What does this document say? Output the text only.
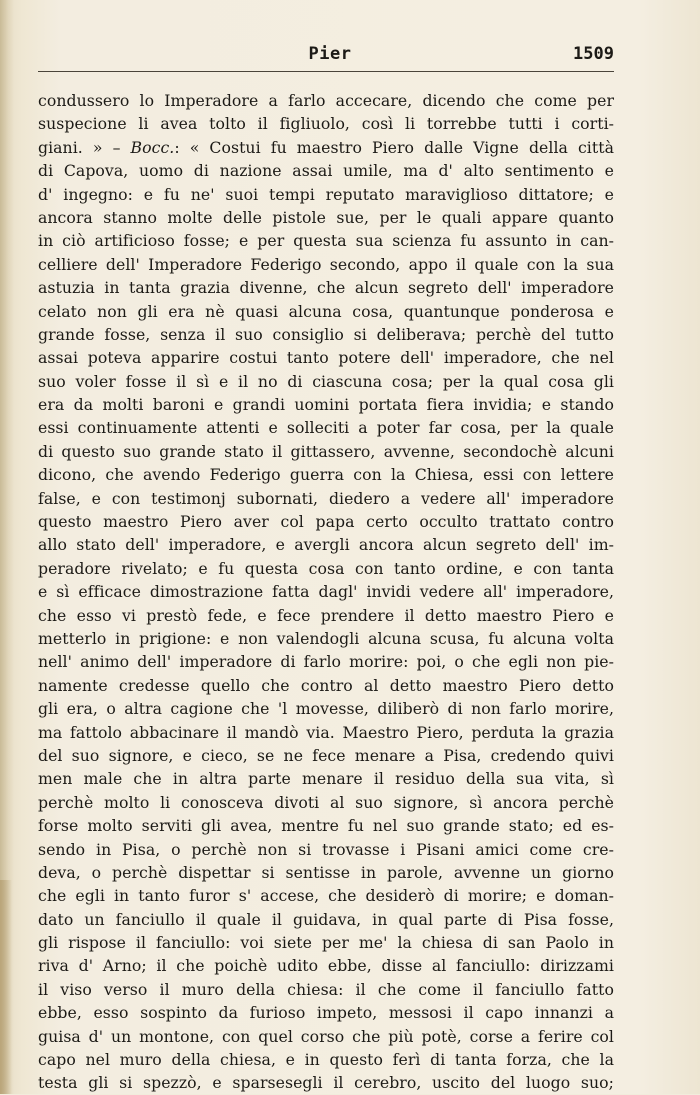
Pier	1509
condussero lo Imperadore a farlo accecare, dicendo che come per
suspecione li avea tolto il figliuolo, così li torrebbe tutti i corti-
giani. » – Bocc.: « Costui fu maestro Piero dalle Vigne della città
di Capova, uomo di nazione assai umile, ma d' alto sentimento e
d' ingegno: e fu ne' suoi tempi reputato maraviglioso dittatore; e
ancora stanno molte delle pistole sue, per le quali appare quanto
in ciò artificioso fosse; e per questa sua scienza fu assunto in can-
celliere dell' Imperadore Federigo secondo, appo il quale con la sua
astuzia in tanta grazia divenne, che alcun segreto dell' imperadore
celato non gli era nè quasi alcuna cosa, quantunque ponderosa e
grande fosse, senza il suo consiglio si deliberava; perchè del tutto
assai poteva apparire costui tanto potere dell' imperadore, che nel
suo voler fosse il sì e il no di ciascuna cosa; per la qual cosa gli
era da molti baroni e grandi uomini portata fiera invidia; e stando
essi continuamente attenti e solleciti a poter far cosa, per la quale
di questo suo grande stato il gittassero, avvenne, secondochè alcuni
dicono, che avendo Federigo guerra con la Chiesa, essi con lettere
false, e con testimonj subornati, diedero a vedere all' imperadore
questo maestro Piero aver col papa certo occulto trattato contro
allo stato dell' imperadore, e avergli ancora alcun segreto dell' im-
peradore rivelato; e fu questa cosa con tanto ordine, e con tanta
e sì efficace dimostrazione fatta dagl' invidi vedere all' imperadore,
che esso vi prestò fede, e fece prendere il detto maestro Piero e
metterlo in prigione: e non valendogli alcuna scusa, fu alcuna volta
nell' animo dell' imperadore di farlo morire: poi, o che egli non pie-
namente credesse quello che contro al detto maestro Piero detto
gli era, o altra cagione che 'l movesse, diliberò di non farlo morire,
ma fattolo abbacinare il mandò via. Maestro Piero, perduta la grazia
del suo signore, e cieco, se ne fece menare a Pisa, credendo quivi
men male che in altra parte menare il residuo della sua vita, sì
perchè molto li conosceva divoti al suo signore, sì ancora perchè
forse molto serviti gli avea, mentre fu nel suo grande stato; ed es-
sendo in Pisa, o perchè non si trovasse i Pisani amici come cre-
deva, o perchè dispettar si sentisse in parole, avvenne un giorno
che egli in tanto furor s' accese, che desiderò di morire; e doman-
dato un fanciullo il quale il guidava, in qual parte di Pisa fosse,
gli rispose il fanciullo: voi siete per me' la chiesa di san Paolo in
riva d' Arno; il che poichè udito ebbe, disse al fanciullo: dirizzami
il viso verso il muro della chiesa: il che come il fanciullo fatto
ebbe, esso sospinto da furioso impeto, messosi il capo innanzi a
guisa d' un montone, con quel corso che più potè, corse a ferire col
capo nel muro della chiesa, e in questo ferì di tanta forza, che la
testa gli si spezzò, e sparsesegli il cerebro, uscito del luogo suo;
